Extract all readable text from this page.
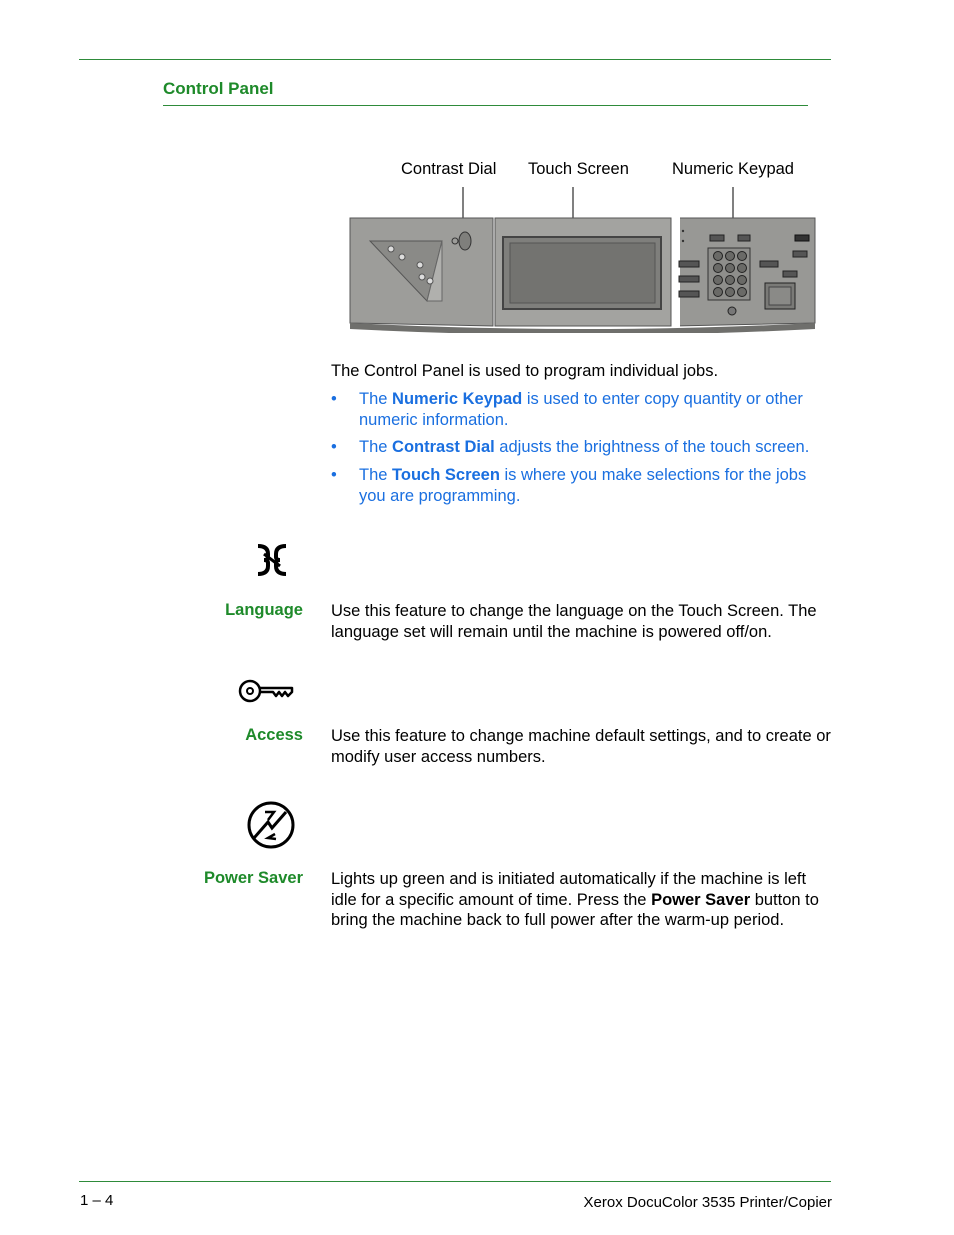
Control Panel
Contrast Dial Touch Screen	Numeric Keypad
The Control Panel is used to program individual jobs.
• The Numeric Keypad is used to enter copy quantity or other numeric information.
• The Contrast Dial adjusts the brightness of the touch screen.
• The Touch Screen is where you make selections for the jobs you are programming.
Language Use this feature to change the language on the Touch Screen. The language set will remain until the machine is powered off/on.
Access Use this feature to change machine default settings, and to create or modify user access numbers.
Power Saver Lights up green and is initiated automatically if the machine is left idle for a specific amount of time. Press the Power Saver button to bring the machine back to full power after the warm-up period.
1 – 4	Xerox DocuColor 3535 Printer/Copier
